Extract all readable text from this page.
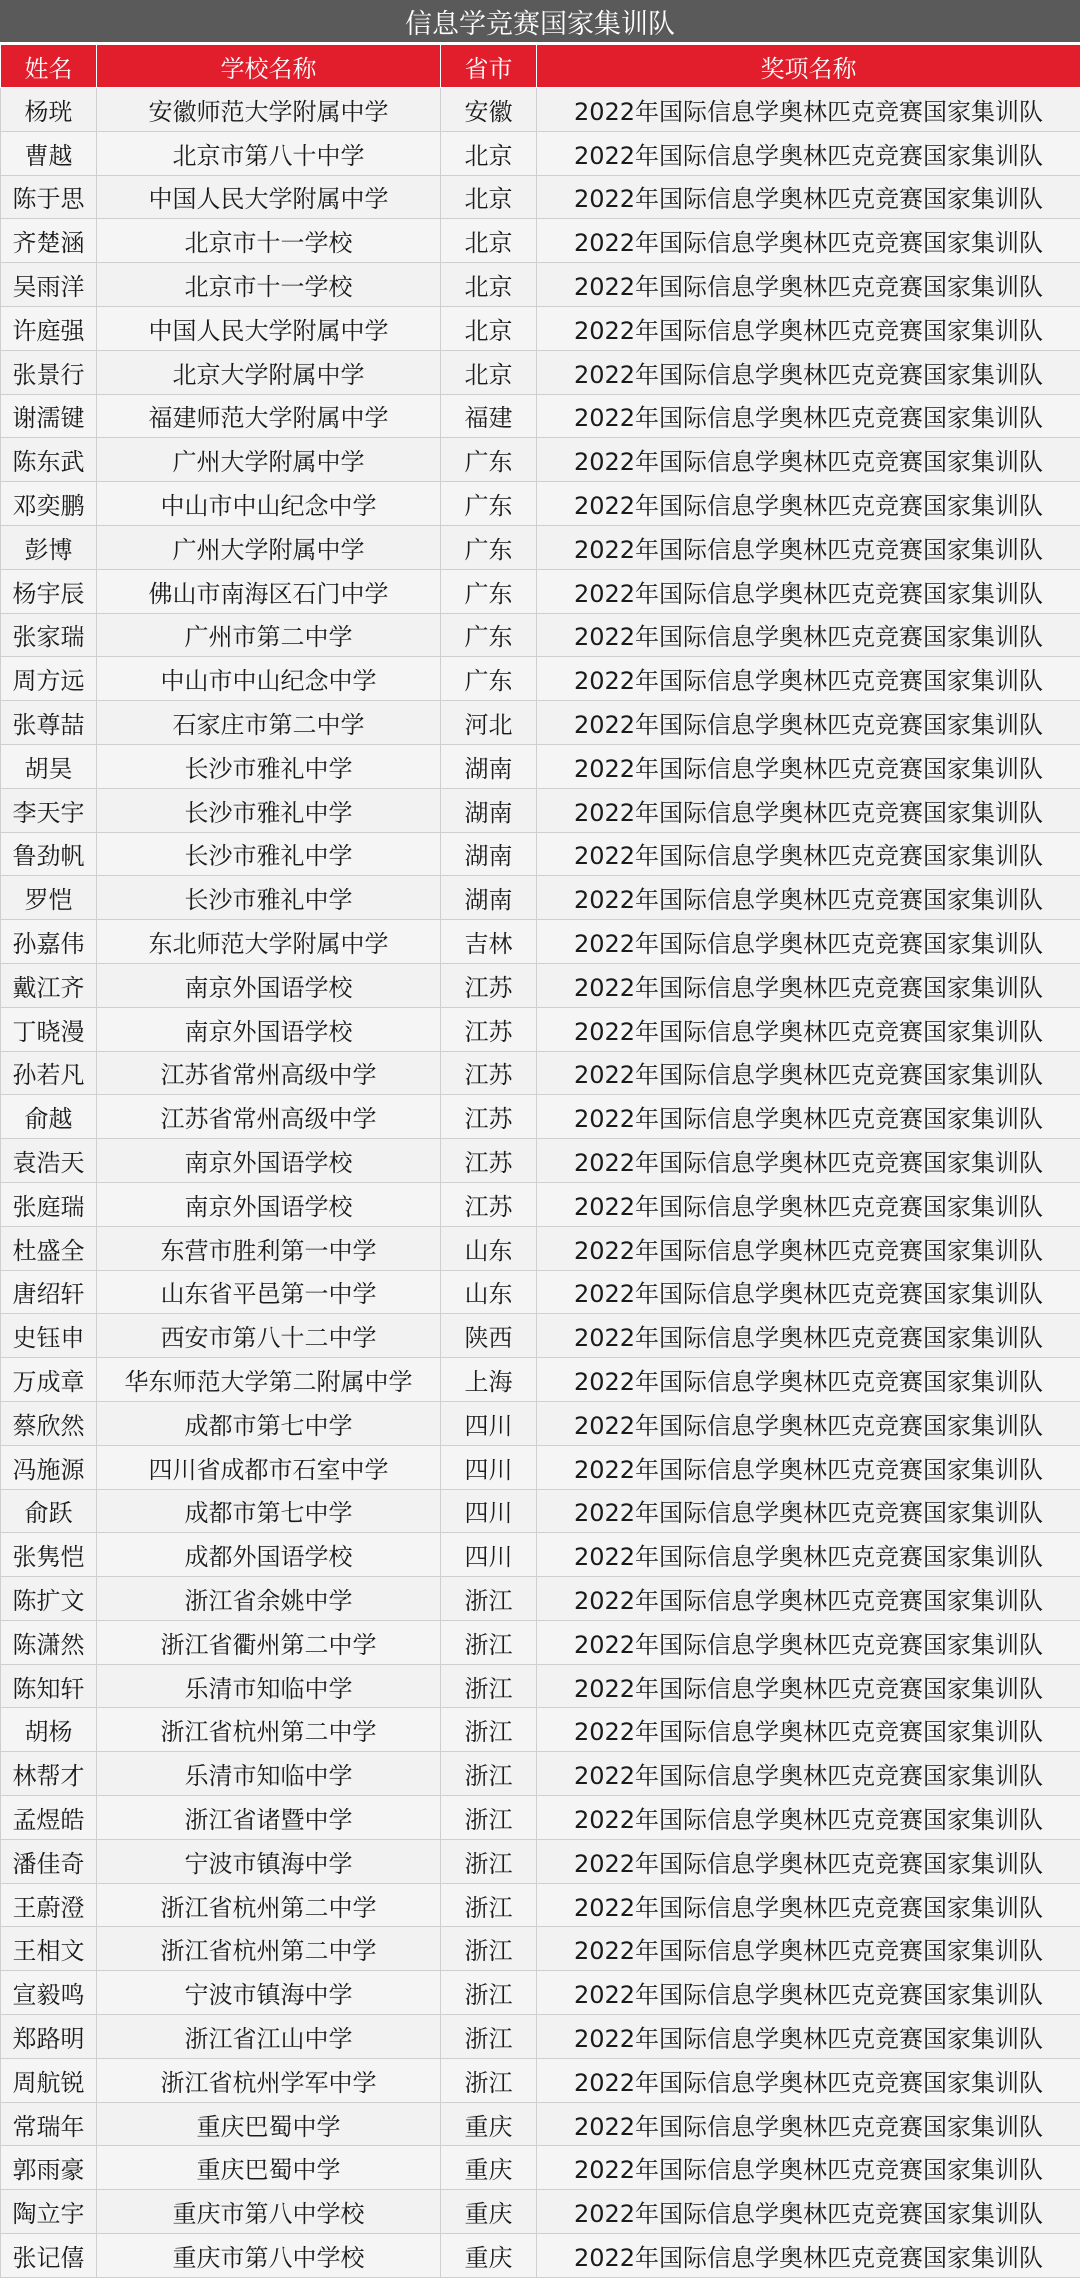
信息学竞赛国家集训队
姓名	学校名称	省市	奖项名称
杨珖	安徽师范大学附属中学	安徽	2022年国际信息学奥林匹克竞赛国家集训队
曹越	北京市第八十中学	北京	2022年国际信息学奥林匹克竞赛国家集训队
陈于思	中国人民大学附属中学	北京	2022年国际信息学奥林匹克竞赛国家集训队
齐楚涵	北京市十一学校	北京	2022年国际信息学奥林匹克竞赛国家集训队
吴雨洋	北京市十一学校	北京	2022年国际信息学奥林匹克竞赛国家集训队
许庭强	中国人民大学附属中学	北京	2022年国际信息学奥林匹克竞赛国家集训队
张景行	北京大学附属中学	北京	2022年国际信息学奥林匹克竞赛国家集训队
谢濡键	福建师范大学附属中学	福建	2022年国际信息学奥林匹克竞赛国家集训队
陈东武	广州大学附属中学	广东	2022年国际信息学奥林匹克竞赛国家集训队
邓奕鹏	中山市中山纪念中学	广东	2022年国际信息学奥林匹克竞赛国家集训队
彭博	广州大学附属中学	广东	2022年国际信息学奥林匹克竞赛国家集训队
杨宇辰	佛山市南海区石门中学	广东	2022年国际信息学奥林匹克竞赛国家集训队
张家瑞	广州市第二中学	广东	2022年国际信息学奥林匹克竞赛国家集训队
周方远	中山市中山纪念中学	广东	2022年国际信息学奥林匹克竞赛国家集训队
张尊喆	石家庄市第二中学	河北	2022年国际信息学奥林匹克竞赛国家集训队
胡昊	长沙市雅礼中学	湖南	2022年国际信息学奥林匹克竞赛国家集训队
李天宇	长沙市雅礼中学	湖南	2022年国际信息学奥林匹克竞赛国家集训队
鲁劲帆	长沙市雅礼中学	湖南	2022年国际信息学奥林匹克竞赛国家集训队
罗恺	长沙市雅礼中学	湖南	2022年国际信息学奥林匹克竞赛国家集训队
孙嘉伟	东北师范大学附属中学	吉林	2022年国际信息学奥林匹克竞赛国家集训队
戴江齐	南京外国语学校	江苏	2022年国际信息学奥林匹克竞赛国家集训队
丁晓漫	南京外国语学校	江苏	2022年国际信息学奥林匹克竞赛国家集训队
孙若凡	江苏省常州高级中学	江苏	2022年国际信息学奥林匹克竞赛国家集训队
俞越	江苏省常州高级中学	江苏	2022年国际信息学奥林匹克竞赛国家集训队
袁浩天	南京外国语学校	江苏	2022年国际信息学奥林匹克竞赛国家集训队
张庭瑞	南京外国语学校	江苏	2022年国际信息学奥林匹克竞赛国家集训队
杜盛全	东营市胜利第一中学	山东	2022年国际信息学奥林匹克竞赛国家集训队
唐绍轩	山东省平邑第一中学	山东	2022年国际信息学奥林匹克竞赛国家集训队
史钰申	西安市第八十二中学	陕西	2022年国际信息学奥林匹克竞赛国家集训队
万成章	华东师范大学第二附属中学	上海	2022年国际信息学奥林匹克竞赛国家集训队
蔡欣然	成都市第七中学	四川	2022年国际信息学奥林匹克竞赛国家集训队
冯施源	四川省成都市石室中学	四川	2022年国际信息学奥林匹克竞赛国家集训队
俞跃	成都市第七中学	四川	2022年国际信息学奥林匹克竞赛国家集训队
张隽恺	成都外国语学校	四川	2022年国际信息学奥林匹克竞赛国家集训队
陈扩文	浙江省余姚中学	浙江	2022年国际信息学奥林匹克竞赛国家集训队
陈潇然	浙江省衢州第二中学	浙江	2022年国际信息学奥林匹克竞赛国家集训队
陈知轩	乐清市知临中学	浙江	2022年国际信息学奥林匹克竞赛国家集训队
胡杨	浙江省杭州第二中学	浙江	2022年国际信息学奥林匹克竞赛国家集训队
林帮才	乐清市知临中学	浙江	2022年国际信息学奥林匹克竞赛国家集训队
孟煜皓	浙江省诸暨中学	浙江	2022年国际信息学奥林匹克竞赛国家集训队
潘佳奇	宁波市镇海中学	浙江	2022年国际信息学奥林匹克竞赛国家集训队
王蔚澄	浙江省杭州第二中学	浙江	2022年国际信息学奥林匹克竞赛国家集训队
王相文	浙江省杭州第二中学	浙江	2022年国际信息学奥林匹克竞赛国家集训队
宣毅鸣	宁波市镇海中学	浙江	2022年国际信息学奥林匹克竞赛国家集训队
郑路明	浙江省江山中学	浙江	2022年国际信息学奥林匹克竞赛国家集训队
周航锐	浙江省杭州学军中学	浙江	2022年国际信息学奥林匹克竞赛国家集训队
常瑞年	重庆巴蜀中学	重庆	2022年国际信息学奥林匹克竞赛国家集训队
郭雨豪	重庆巴蜀中学	重庆	2022年国际信息学奥林匹克竞赛国家集训队
陶立宇	重庆市第八中学校	重庆	2022年国际信息学奥林匹克竞赛国家集训队
张记僖	重庆市第八中学校	重庆	2022年国际信息学奥林匹克竞赛国家集训队
